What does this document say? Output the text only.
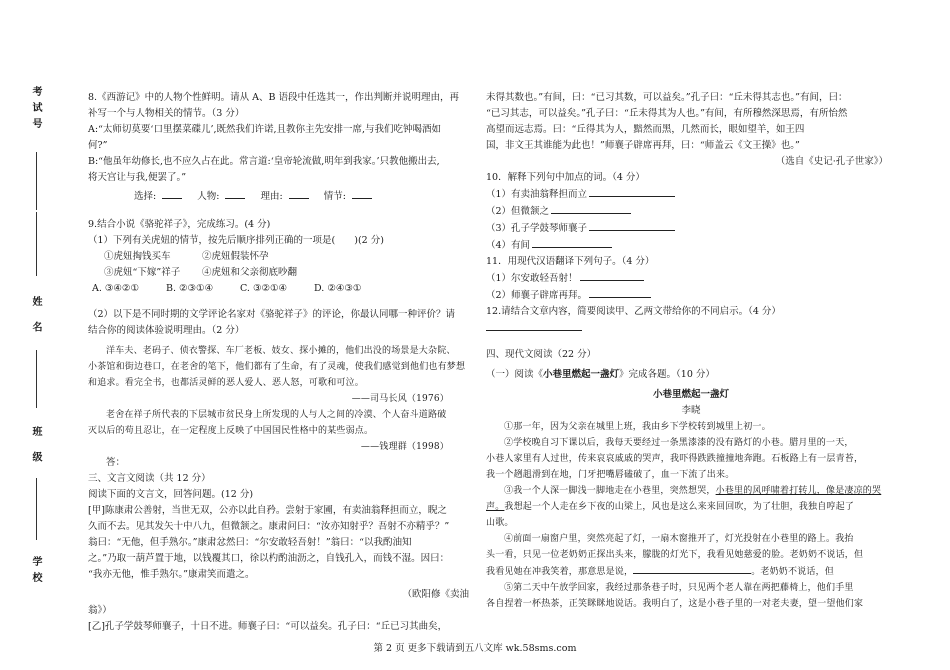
考试号
姓 名
班 级
学校
8.《西游记》中的人物个性鲜明。请从 A、B 语段中任选其一，作出判断并说明理由，再
补写一个与人物相关的情节。（3 分）
A:“太师切莫要‘口里摆菜碟儿’,既然我们许诺,且教你主先安排一席,与我们吃钟喝酒如
何?”
B:“他虽年幼修长,也不应久占在此。常言道:‘皇帝轮流做,明年到我家。’只教他搬出去,
将天宫让与我,便罢了。”
选择:	人物:	理由:	情节:
9.结合小说《骆驼祥子》，完成练习。(4 分)
（1）下列有关虎妞的情节，按先后顺序排列正确的一项是(　　)(2 分)
①虎妞掏钱买车	②虎妞假装怀孕
③虎妞“下嫁”祥子 ④虎妞和父亲彻底吵翻
A. ③④②①	B. ②③①④	C. ③②①④	D. ②④③①
（2）以下是不同时期的文学评论名家对《骆驼祥子》的评论，你最认同哪一种评价？请
结合你的阅读体验说明理由。（2 分）
洋车夫、老码子、侦衣警探、车厂老板、妓女、探小摊的，他们出没的场景是大杂院、
小茶馆和街边巷口，在老舍的笔下，他们都有了生命，有了灵魂，使我们感觉到他们也有梦想
和追求。看完全书，也都活灵鲜的恶人爱人、恶人怒，可歌和可泣。
——司马长风（1976）
老舍在祥子所代表的下层城市贫民身上所发现的人与人之间的冷漠、个人奋斗道路破
灭以后的苟且忍让，在一定程度上反映了中国国民性格中的某些弱点。
——钱理群（1998）
答：
三、文言文阅读（共 12 分）
阅读下面的文言文，回答问题。(12 分)
[甲]陈康肃公善射，当世无双，公亦以此自矜。尝射于家圃，有卖油翁释担而立，睨之
久而不去。见其发矢十中八九，但微颔之。康肃问曰：“汝亦知射乎？吾射不亦精乎？”
翁曰：“无他，但手熟尔。”康肃忿然曰：“尔安敢轻吾射！”翁曰：“以我酌油知
之。”乃取一葫芦置于地，以钱覆其口，徐以杓酌油沥之，自钱孔入，而钱不湿。因曰：
“我亦无他，惟手熟尔。”康肃笑而遣之。
（欧阳修《卖油
翁》）
[乙]孔子学鼓琴师襄子，十日不进。师襄子曰：“可以益矣。孔子曰：“丘已习其曲矣，
未得其数也。”有间，曰：“已习其数，可以益矣。”孔子曰：“丘未得其志也。”有间，曰：
“已习其志，可以益矣。”孔子曰：“丘未得其为人也。”有间，有所穆然深思焉，有所怡然
高望而远志焉。曰：“丘得其为人，黯然而黑，几然而长，眼如望羊，如王四
国，非文王其谁能为此也！”师襄子辟席再拜，曰：“师盖云《文王操》也。”
（选自《史记·孔子世家》）
10．解释下列句中加点的词。（4 分）
（1）有卖油翁释担而立
（2）但微颔之
（3）孔子学鼓琴师襄子
（4）有间
11．用现代汉语翻译下列句子。（4 分）
（1）尔安敢轻吾射！
（2）师襄子辟席再拜。
12.请结合文章内容，简要阅读甲、乙两文带给你的不同启示。（4 分）
四、现代文阅读（22 分）
（一）阅读《小巷里燃起一盏灯》完成各题。（10 分）
小巷里燃起一盏灯
李晓
①那一年，因为父亲在城里上班，我由乡下学校转到城里上初一。
②学校晚自习下课以后，我每天要经过一条黑漆漆的没有路灯的小巷。腊月里的一天，
小巷人家里有人过世，传来哀哀戚戚的哭声，我吓得跌跌撞撞地奔跑。石板路上有一层青苔，
我一个趔趄滑到在地，门牙把嘴唇磕破了，血一下流了出来。
③我一个人深一脚浅一脚地走在小巷里，突然想哭，小巷里的风呼啸着打转儿，像是凄凉的哭
声。我想起一个人走在乡下夜的山梁上，风也是这么来来回回吹，为了壮胆，我独自哼起了
山歌。
④前面一扇窗户里，突然亮起了灯，一扇木窗推开了，灯光投射在小巷里的路上。我抬
头一看，只见一位老奶奶正探出头来，朦胧的灯光下，我看见她慈爱的脸。老奶奶不说话，但
我看见她在冲我笑着，那意思是说，	。老奶奶不说话，但
⑤第二天中午放学回家，我经过那条巷子时，只见两个老人靠在两把藤椅上，他们手里
各自捏着一杯热茶，正笑眯眯地说话。我明白了，这是小巷子里的一对老夫妻，望一望他们家
第 2 页 更多下载请到五八文库 wk.58sms.com
